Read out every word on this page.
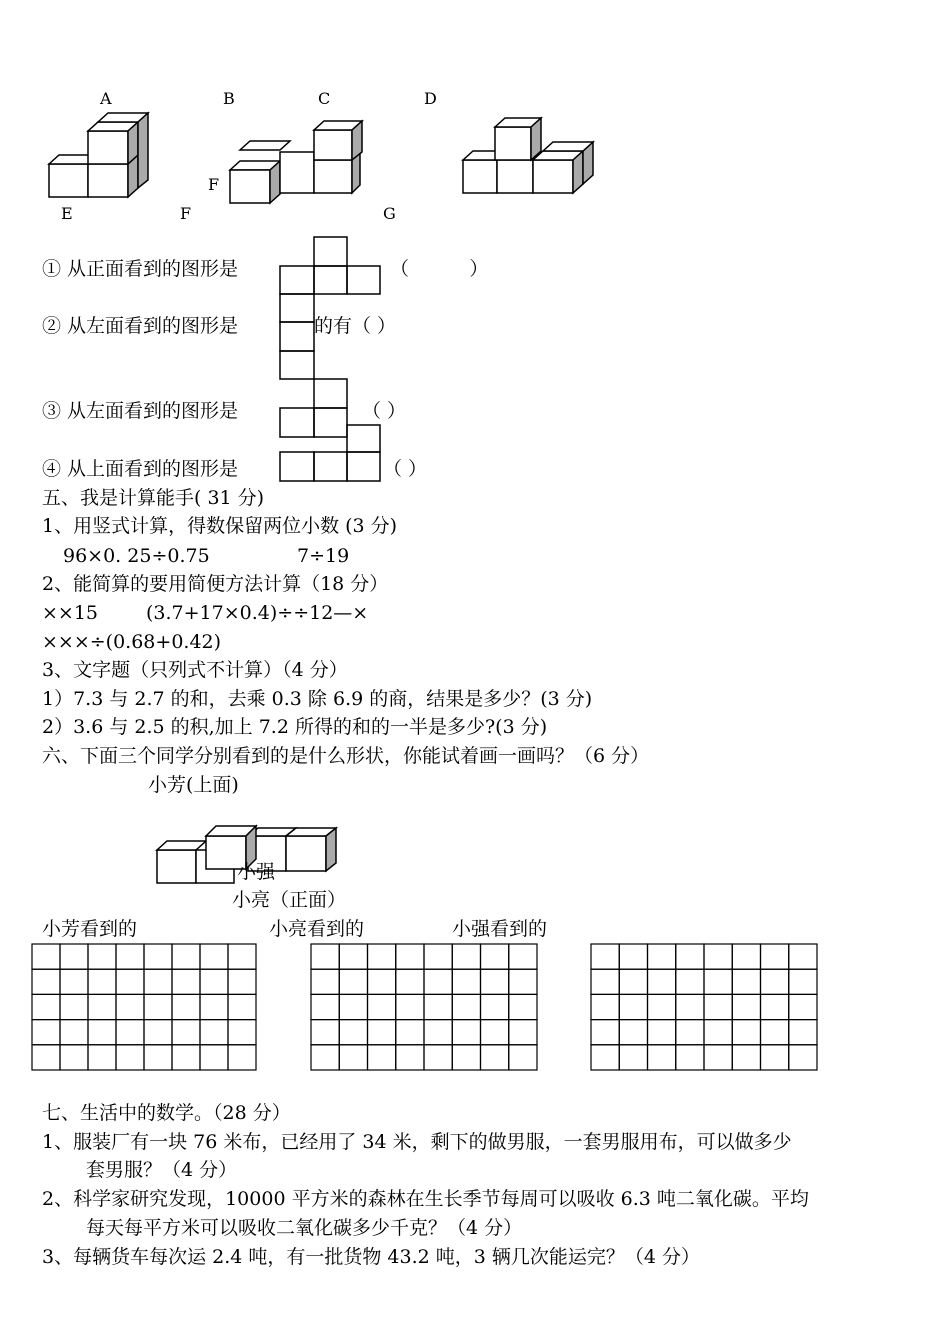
A	B	C	D
E
F
F	G
① 从正面看到的图形是	（          ）
② 从左面看到的图形是	的有（ ）
③ 从左面看到的图形是	（ ）
④ 从上面看到的图形是	（ ）
五、我是计算能手( 31 分)
1、用竖式计算，得数保留两位小数 (3 分)
96×0. 25÷0.75	7÷19
2、能简算的要用简便方法计算（18 分）
××15	(3.7+17×0.4)÷÷12—×
×××÷(0.68+0.42)
3、文字题（只列式不计算）（4 分）
1）7.3 与 2.7 的和，去乘 0.3 除 6.9 的商，结果是多少？(3 分)
2）3.6 与 2.5 的积,加上 7.2 所得的和的一半是多少?(3 分)
六、下面三个同学分别看到的是什么形状，你能试着画一画吗？（6 分）
小芳(上面)
小强
小亮（正面）
小芳看到的	小亮看到的	小强看到的
七、生活中的数学。（28 分）
1、服装厂有一块 76 米布，已经用了 34 米，剩下的做男服，一套男服用布，可以做多少
套男服？（4 分）
2、科学家研究发现，10000 平方米的森林在生长季节每周可以吸收 6.3 吨二氧化碳。平均
每天每平方米可以吸收二氧化碳多少千克？（4 分）
3、每辆货车每次运 2.4 吨，有一批货物 43.2 吨，3 辆几次能运完？（4 分）
